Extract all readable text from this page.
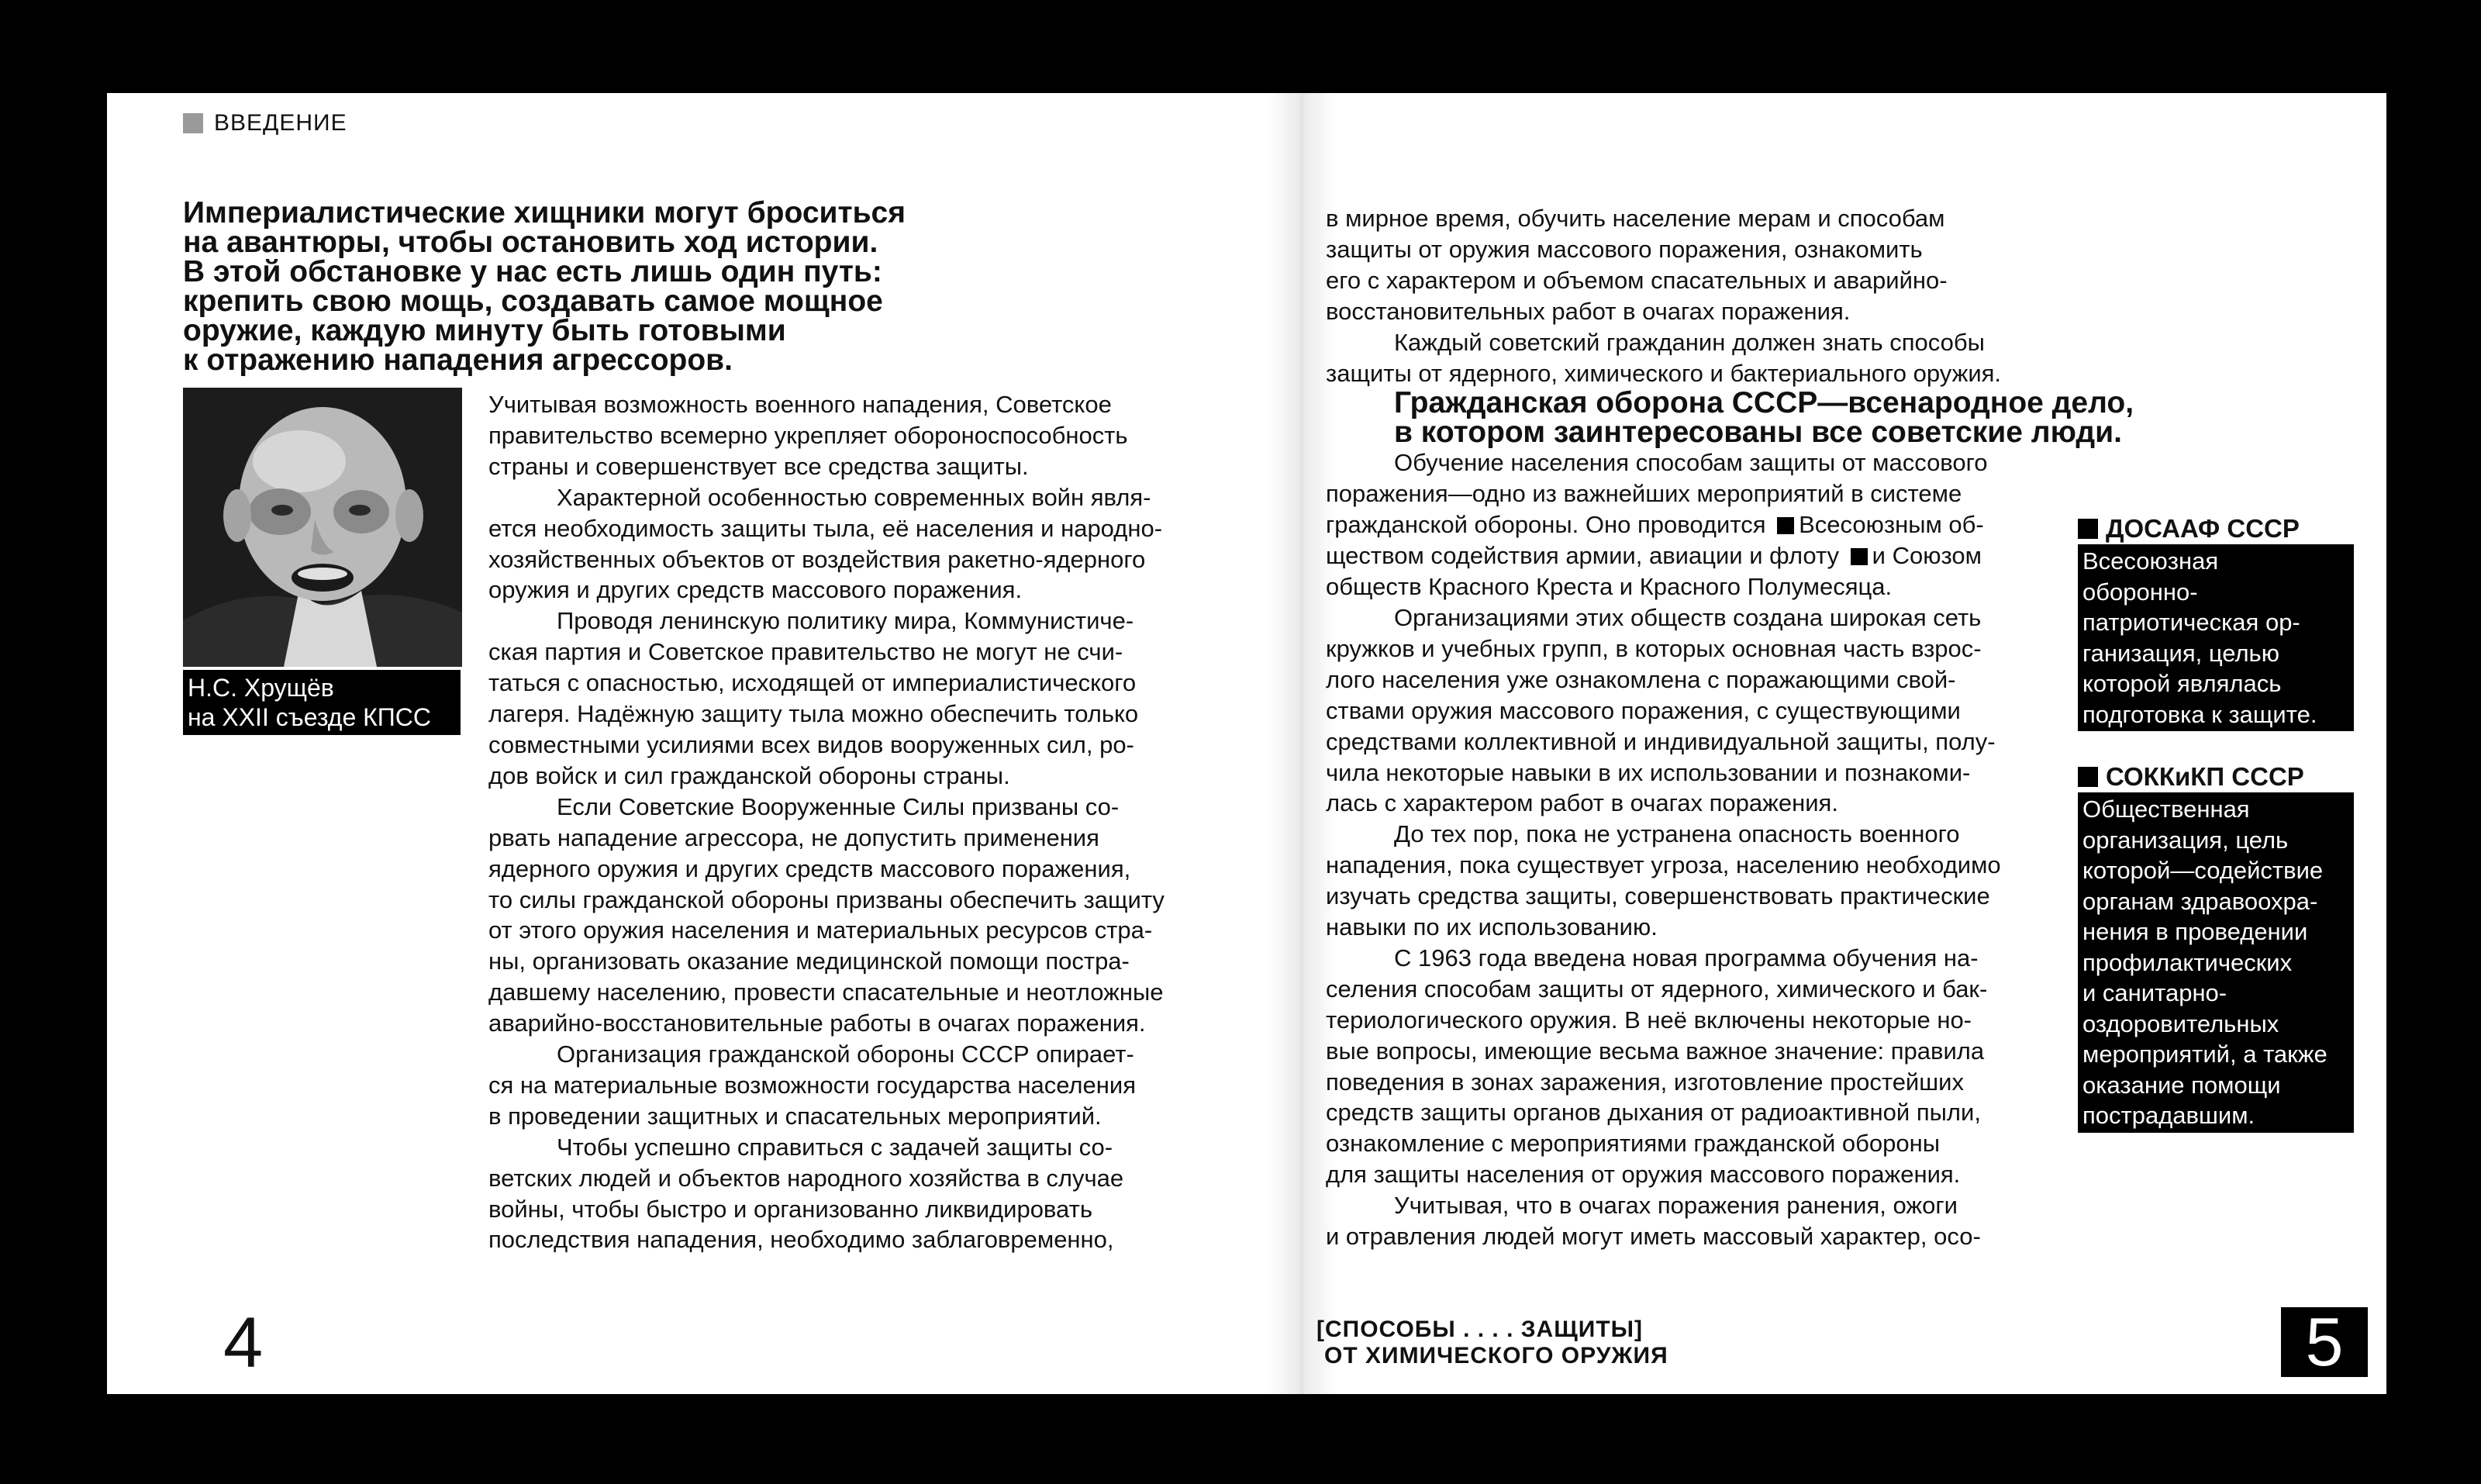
ВВЕДЕНИЕ
Империалистические хищники могут броситься
на авантюры, чтобы остановить ход истории.
В этой обстановке у нас есть лишь один путь:
крепить свою мощь, создавать самое мощное
оружие, каждую минуту быть готовыми
к отражению нападения агрессоров.
Н.С. Хрущёв
на XXII съезде КПСС

Учитывая возможность военного нападения, Советское
правительство всемерно укрепляет обороноспособность
страны и совершенствует все средства защиты.

Характерной особенностью современных войн явля-
ется необходимость защиты тыла, её населения и народно-
хозяйственных объектов от воздействия ракетно-ядерного
оружия и других средств массового поражения.

Проводя ленинскую политику мира, Коммунистиче-
ская партия и Советское правительство не могут не счи-
таться с опасностью, исходящей от империалистического
лагеря. Надёжную защиту тыла можно обеспечить только
совместными усилиями всех видов вооруженных сил, ро-
дов войск и сил гражданской обороны страны.

Если Советские Вооруженные Силы призваны со-
рвать нападение агрессора, не допустить применения
ядерного оружия и других средств массового поражения,
то силы гражданской обороны призваны обеспечить защиту
от этого оружия населения и материальных ресурсов стра-
ны, организовать оказание медицинской помощи постра-
давшему населению, провести спасательные и неотложные
аварийно-восстановительные работы в очагах поражения.

Организация гражданской обороны СССР опирает-
ся на материальные возможности государства населения
в проведении защитных и спасательных мероприятий.

Чтобы успешно справиться с задачей защиты со-
ветских людей и объектов народного хозяйства в случае
войны, чтобы быстро и организованно ликвидировать
последствия нападения, необходимо заблаговременно,

в мирное время, обучить население мерам и способам
защиты от оружия массового поражения, ознакомить
его с характером и объемом спасательных и аварийно-
восстановительных работ в очагах поражения.

Каждый советский гражданин должен знать способы
защиты от ядерного, химического и бактериального оружия.

Гражданская оборона СССР—всенародное дело,
в котором заинтересованы все советские люди.

Обучение населения способам защиты от массового
поражения—одно из важнейших мероприятий в системе
гражданской обороны. Оно проводится Всесоюзным об-
ществом содействия армии, авиации и флоту и Союзом
обществ Красного Креста и Красного Полумесяца.

Организациями этих обществ создана широкая сеть
кружков и учебных групп, в которых основная часть взрос-
лого населения уже ознакомлена с поражающими свой-
ствами оружия массового поражения, с существующими
средствами коллективной и индивидуальной защиты, полу-
чила некоторые навыки в их использовании и познакоми-
лась с характером работ в очагах поражения.

До тех пор, пока не устранена опасность военного
нападения, пока существует угроза, населению необходимо
изучать средства защиты, совершенствовать практические
навыки по их использованию.

С 1963 года введена новая программа обучения на-
селения способам защиты от ядерного, химического и бак-
териологического оружия. В неё включены некоторые но-
вые вопросы, имеющие весьма важное значение: правила
поведения в зонах заражения, изготовление простейших
средств защиты органов дыхания от радиоактивной пыли,
ознакомление с мероприятиями гражданской обороны
для защиты населения от оружия массового поражения.

Учитывая, что в очагах поражения ранения, ожоги
и отравления людей могут иметь массовый характер, осо-

ДОСААФ СССР
Всесоюзная
оборонно-
патриотическая ор-
ганизация, целью
которой являлась
подготовка к защите.
СОККиКП СССР
Общественная
организация, цель
которой—содействие
органам здравоохра-
нения в проведении
профилактических
и санитарно-
оздоровительных
мероприятий, а также
оказание помощи
пострадавшим.
4	[СПОСОБЫ . . . . ЗАЩИТЫ]
ОТ ХИМИЧЕСКОГО ОРУЖИЯ	5
